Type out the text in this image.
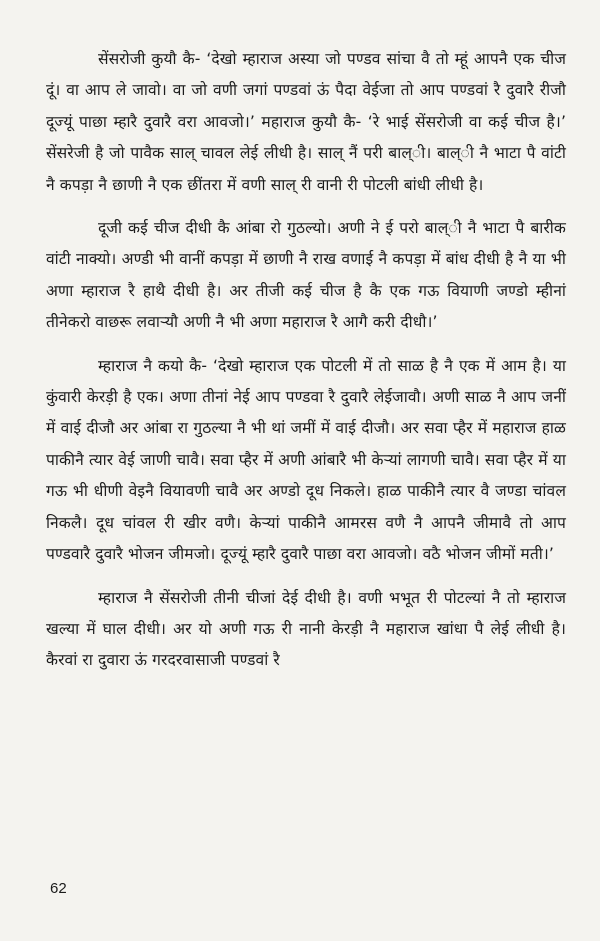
सेंसरोजी कुयौ कै- ‘देखो म्हाराज अस्या जो पण्डव सांचा वै तो म्हूं आपनै एक चीज दूं। वा आप ले जावो। वा जो वणी जगां पण्डवां ऊं पैदा वेईजा तो आप पण्डवां रै दुवारै रीजौ दूज्यूं पाछा म्हारै दुवारै वरा आवजो।’ महाराज कुयौ कै- ‘रे भाई सेंसरोजी वा कई चीज है।’ सेंसरेजी है जो पावैक साल् चावल लेई लीधी है। साल् नैं परी बाल्ी। बाल्ी नै भाटा पै वांटी नै कपड़ा नै छाणी नै एक छींतरा में वणी साल् री वानी री पोटली बांधी लीधी है।

दूजी कई चीज दीधी कै आंबा रो गुठल्यो। अणी ने ई परो बाल्ी नै भाटा पै बारीक वांटी नाक्यो। अण्डी भी वानीं कपड़ा में छाणी नै राख वणाई नै कपड़ा में बांध दीधी है नै या भी अणा म्हाराज रै हाथै दीधी है। अर तीजी कई चीज है कै एक गऊ वियाणी जण्डो म्हीनां तीनेकरो वाछरू लवार्‍यौ अणी नै भी अणा महाराज रै आगै करी दीधौ।’

म्हाराज नै कयो कै- ‘देखो म्हाराज एक पोटली में तो साळ है नै एक में आम है। या कुंवारी केरड़ी है एक। अणा तीनां नेई आप पण्डवा रै दुवारै लेईजावौ। अणी साळ नै आप जनीं में वाई दीजौ अर आंबा रा गुठल्या नै भी थां जमीं में वाई दीजौ। अर सवा प्हैर में महाराज हाळ पाकीनै त्यार वेई जाणी चावै। सवा प्हैर में अणी आंबारै भी केर्‍यां लागणी चावै। सवा प्हैर में या गऊ भी धीणी वेइनै वियावणी चावै अर अण्डो दूध निकले। हाळ पाकीनै त्यार वै जण्डा चांवल निकलै। दूध चांवल री खीर वणै। केर्‍यां पाकीनै आमरस वणै नै आपनै जीमावै तो आप पण्डवारै दुवारै भोजन जीमजो। दूज्यूं म्हारै दुवारै पाछा वरा आवजो। वठै भोजन जीमों मती।’

म्हाराज नै सेंसरोजी तीनी चीजां देई दीधी है। वणी भभूत री पोटल्यां नै तो म्हाराज खल्या में घाल दीधी। अर यो अणी गऊ री नानी केरड़ी नै महाराज खांधा पै लेई लीधी है। कैरवां रा दुवारा ऊं गरदरवासाजी पण्डवां रै

62
